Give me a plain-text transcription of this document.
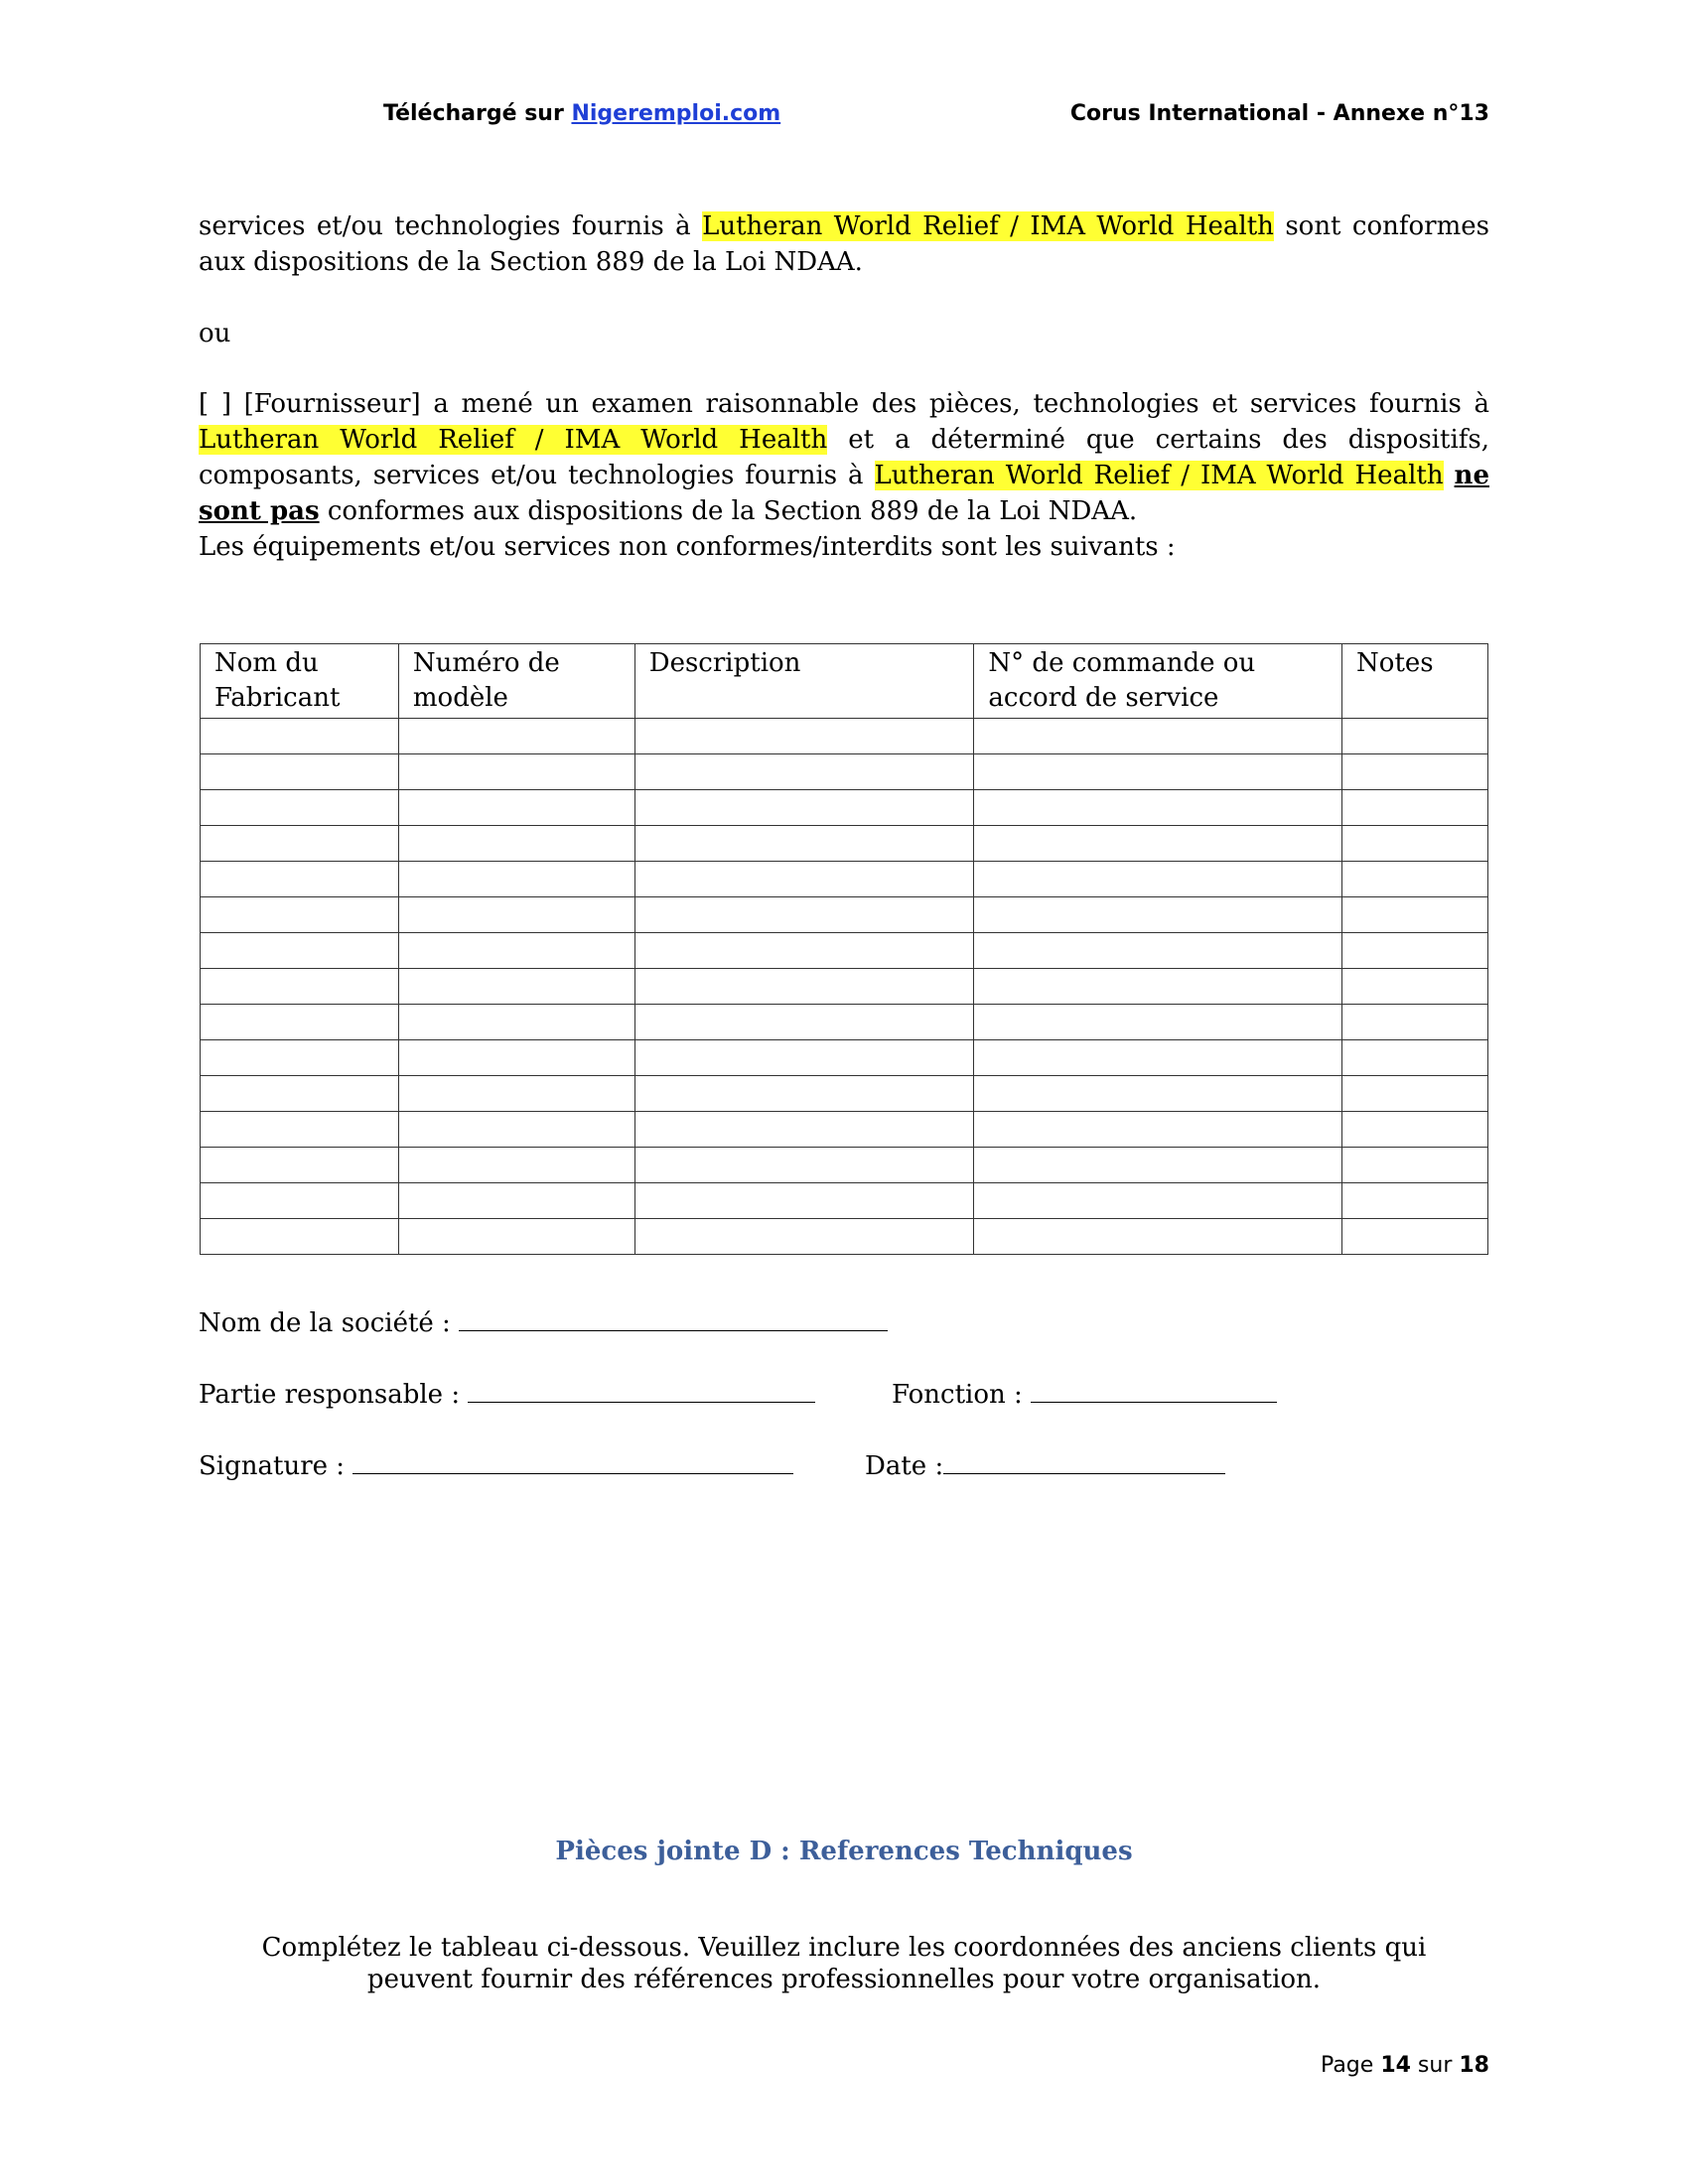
Téléchargé sur Nigeremploi.com	Corus International - Annexe n°13

services et/ou technologies fournis à Lutheran World Relief / IMA World Health sont conformes aux dispositions de la Section 889 de la Loi NDAA.

ou

[ ] [Fournisseur] a mené un examen raisonnable des pièces, technologies et services fournis à Lutheran World Relief / IMA World Health et a déterminé que certains des dispositifs, composants, services et/ou technologies fournis à Lutheran World Relief / IMA World Health ne sont pas conformes aux dispositions de la Section 889 de la Loi NDAA.

Les équipements et/ou services non conformes/interdits sont les suivants :

Nom du Fabricant	Numéro de modèle	Description	N° de commande ou accord de service	Notes

Nom de la société :
Partie responsable :	Fonction :
Signature :	Date :
Pièces jointe D : References Techniques
Complétez le tableau ci-dessous. Veuillez inclure les coordonnées des anciens clients qui peuvent fournir des références professionnelles pour votre organisation.
Page 14 sur 18
